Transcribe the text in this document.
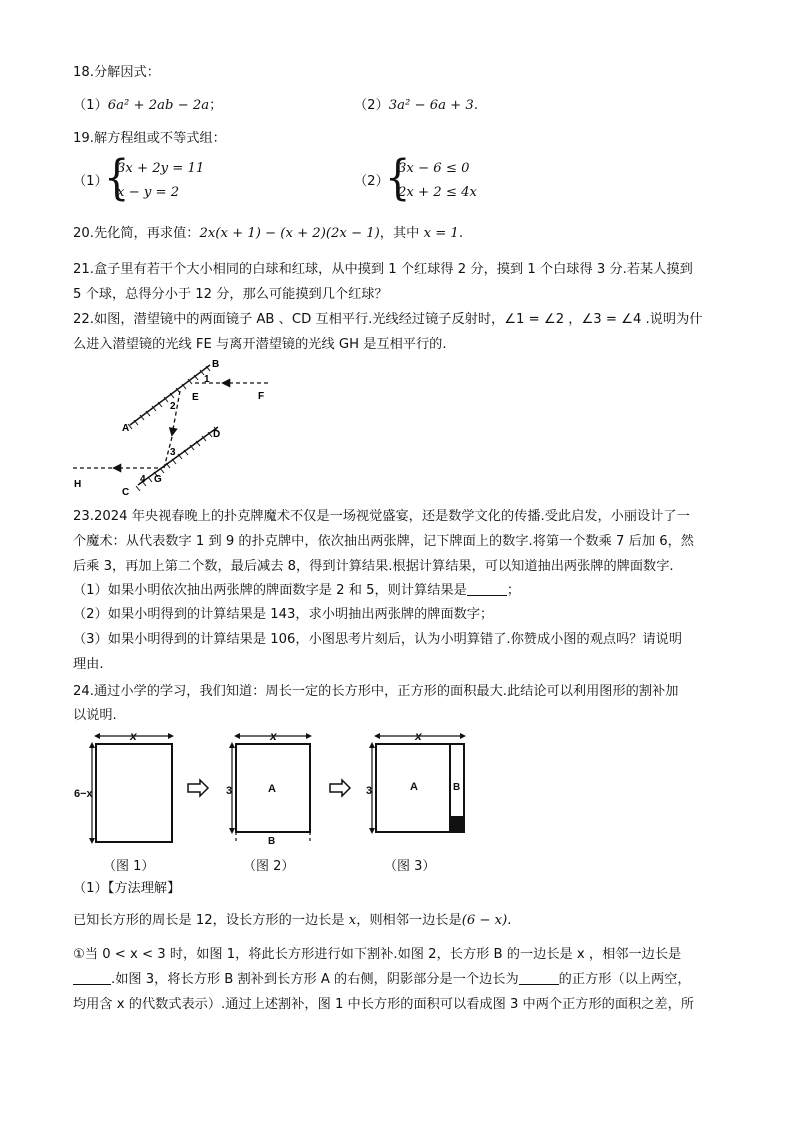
18.分解因式：
（1）6a² + 2ab − 2a；	（2）3a² − 6a + 3.
19.解方程组或不等式组：
（1）
{
3x + 2y = 11
x − y = 2
（2）
{
3x − 6 ≤ 0
2x + 2 ≤ 4x
20.先化简，再求值：2x(x + 1) − (x + 2)(2x − 1)，其中 x = 1.
21.盒子里有若干个大小相同的白球和红球，从中摸到 1 个红球得 2 分，摸到 1 个白球得 3 分.若某人摸到
5 个球，总得分小于 12 分，那么可能摸到几个红球？
22.如图，潜望镜中的两面镜子 AB 、CD 互相平行.光线经过镜子反射时，∠1 = ∠2 ，∠3 = ∠4 .说明为什
么进入潜望镜的光线 FE 与离开潜望镜的光线 GH 是互相平行的.
B
1
E	F
2
A
D
3
4 G
H
C
23.2024 年央视春晚上的扑克牌魔术不仅是一场视觉盛宴，还是数学文化的传播.受此启发，小丽设计了一
个魔术：从代表数字 1 到 9 的扑克牌中，依次抽出两张牌，记下牌面上的数字.将第一个数乘 7 后加 6，然
后乘 3，再加上第二个数，最后减去 8，得到计算结果.根据计算结果，可以知道抽出两张牌的牌面数字.
（1）如果小明依次抽出两张牌的牌面数字是 2 和 5，则计算结果是	；
（2）如果小明得到的计算结果是 143，求小明抽出两张牌的牌面数字；
（3）如果小明得到的计算结果是 106，小图思考片刻后，认为小明算错了.你赞成小图的观点吗？请说明
理由.
24.通过小学的学习，我们知道：周长一定的长方形中，正方形的面积最大.此结论可以利用图形的割补加
以说明.
x
6−x
x
3	A
B
x
3	A	B
（图 1）	（图 2）	（图 3）
（1）【方法理解】
已知长方形的周长是 12，设长方形的一边长是 x，则相邻一边长是(6 − x).
①当 0 < x < 3 时，如图 1，将此长方形进行如下割补.如图 2，长方形 B 的一边长是 x ，相邻一边长是
.如图 3，将长方形 B 割补到长方形 A 的右侧，阴影部分是一个边长为	的正方形（以上两空，
均用含 x 的代数式表示）.通过上述割补，图 1 中长方形的面积可以看成图 3 中两个正方形的面积之差，所
